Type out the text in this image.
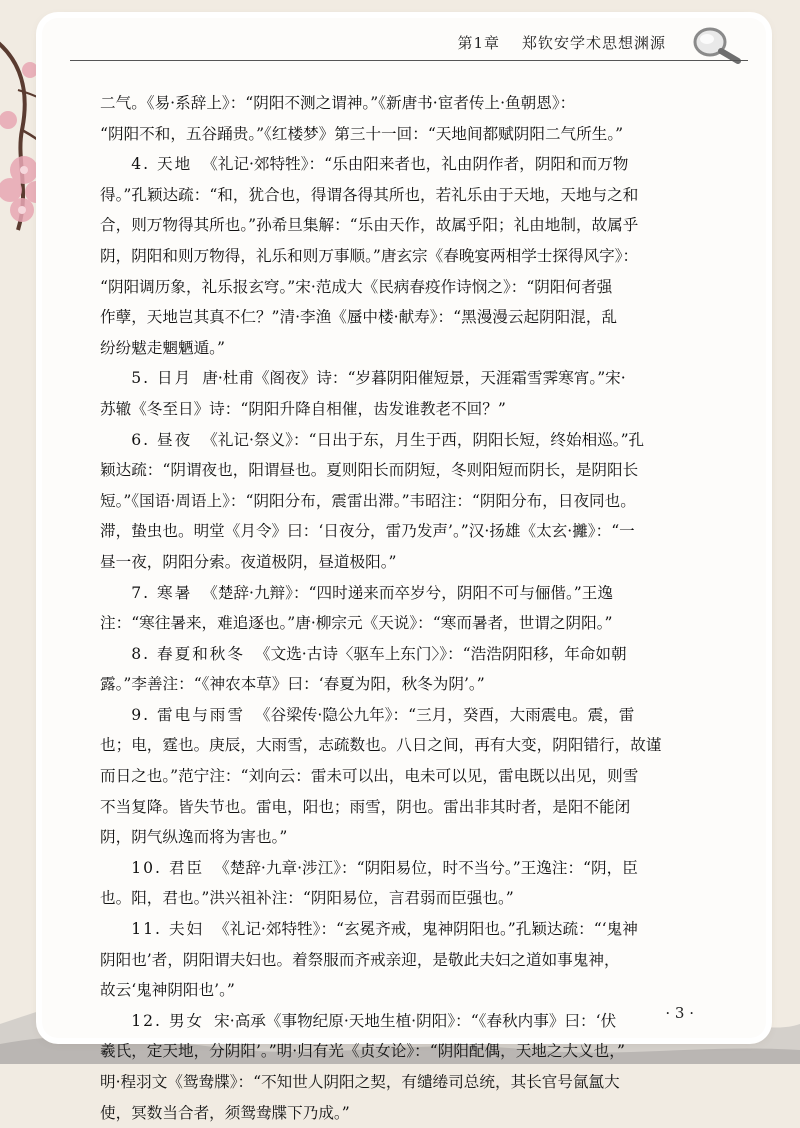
第1章 郑钦安学术思想渊源

二气。《易·系辞上》：“阴阳不测之谓神。”《新唐书·宦者传上·鱼朝恩》：

“阴阳不和，五谷踊贵。”《红楼梦》第三十一回：“天地间都赋阴阳二气所生。”

4. 天地 《礼记·郊特牲》：“乐由阳来者也，礼由阴作者，阴阳和而万物

得。”孔颖达疏：“和，犹合也，得谓各得其所也，若礼乐由于天地，天地与之和

合，则万物得其所也。”孙希旦集解：“乐由天作，故属乎阳；礼由地制，故属乎

阴，阴阳和则万物得，礼乐和则万事顺。”唐玄宗《春晚宴两相学士探得风字》：

“阴阳调历象，礼乐报玄穹。”宋·范成大《民病春疫作诗悯之》：“阴阳何者强

作孽，天地岂其真不仁？”清·李渔《蜃中楼·献寿》：“黑漫漫云起阴阳混，乱

纷纷魃走魍魉遁。”

5. 日月 唐·杜甫《阁夜》诗：“岁暮阴阳催短景，天涯霜雪霁寒宵。”宋·

苏辙《冬至日》诗：“阴阳升降自相催，齿发谁教老不回？”

6. 昼夜 《礼记·祭义》：“日出于东，月生于西，阴阳长短，终始相巡。”孔

颖达疏：“阴谓夜也，阳谓昼也。夏则阳长而阴短，冬则阳短而阴长，是阴阳长

短。”《国语·周语上》：“阴阳分布，震雷出滞。”韦昭注：“阴阳分布，日夜同也。

滞，蛰虫也。明堂《月令》曰：‘日夜分，雷乃发声’。”汉·扬雄《太玄·攡》：“一

昼一夜，阴阳分索。夜道极阴，昼道极阳。”

7. 寒暑 《楚辞·九辩》：“四时递来而卒岁兮，阴阳不可与俪偕。”王逸

注：“寒往暑来，难追逐也。”唐·柳宗元《天说》：“寒而暑者，世谓之阴阳。”

8. 春夏和秋冬 《文选·古诗〈驱车上东门〉》：“浩浩阴阳移，年命如朝

露。”李善注：“《神农本草》曰：‘春夏为阳，秋冬为阴’。”

9. 雷电与雨雪 《谷梁传·隐公九年》：“三月，癸酉，大雨震电。震，雷

也；电，霆也。庚辰，大雨雪，志疏数也。八日之间，再有大变，阴阳错行，故谨

而日之也。”范宁注：“刘向云：雷未可以出，电未可以见，雷电既以出见，则雪

不当复降。皆失节也。雷电，阳也；雨雪，阴也。雷出非其时者，是阳不能闭

阴，阴气纵逸而将为害也。”

10. 君臣 《楚辞·九章·涉江》：“阴阳易位，时不当兮。”王逸注：“阴，臣

也。阳，君也。”洪兴祖补注：“阴阳易位，言君弱而臣强也。”

11. 夫妇 《礼记·郊特牲》：“玄冕齐戒，鬼神阴阳也。”孔颖达疏：“‘鬼神

阴阳也’者，阴阳谓夫妇也。着祭服而齐戒亲迎，是敬此夫妇之道如事鬼神，

故云‘鬼神阴阳也’。”

12. 男女 宋·高承《事物纪原·天地生植·阴阳》：“《春秋内事》曰：‘伏

羲氏，定天地，分阴阳’。”明·归有光《贞女论》：“阴阳配偶，天地之大义也，”

明·程羽文《鸳鸯牒》：“不知世人阴阳之契，有缱绻司总统，其长官号氤氲大

使，冥数当合者，须鸳鸯牒下乃成。”

· 3 ·
